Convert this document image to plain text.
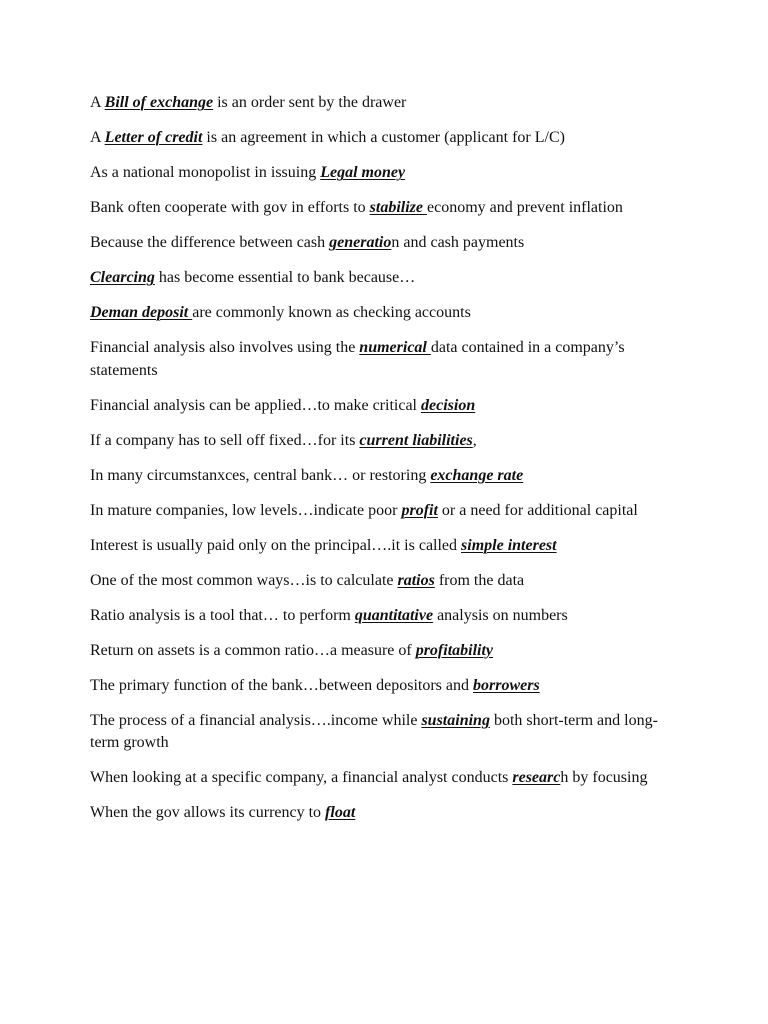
A Bill of exchange is an order sent by the drawer

A Letter of credit is an agreement in which a customer (applicant for L/C)

As a national monopolist in issuing Legal money

Bank often cooperate with gov in efforts to stabilize economy and prevent inflation

Because the difference between cash generation and cash payments

Clearcing has become essential to bank because…

Deman deposit are commonly known as checking accounts

Financial analysis also involves using the numerical data contained in a company’s statements

Financial analysis can be applied…to make critical decision

If a company has to sell off fixed…for its current liabilities,

In many circumstanxces, central bank… or restoring exchange rate

In mature companies, low levels…indicate poor profit or a need for additional capital

Interest is usually paid only on the principal….it is called simple interest

One of the most common ways…is to calculate ratios from the data

Ratio analysis is a tool that… to perform quantitative analysis on numbers

Return on assets is a common ratio…a measure of profitability

The primary function of the bank…between depositors and borrowers

The process of a financial analysis….income while sustaining both short-term and long-term growth

When looking at a specific company, a financial analyst conducts research by focusing

When the gov allows its currency to float
